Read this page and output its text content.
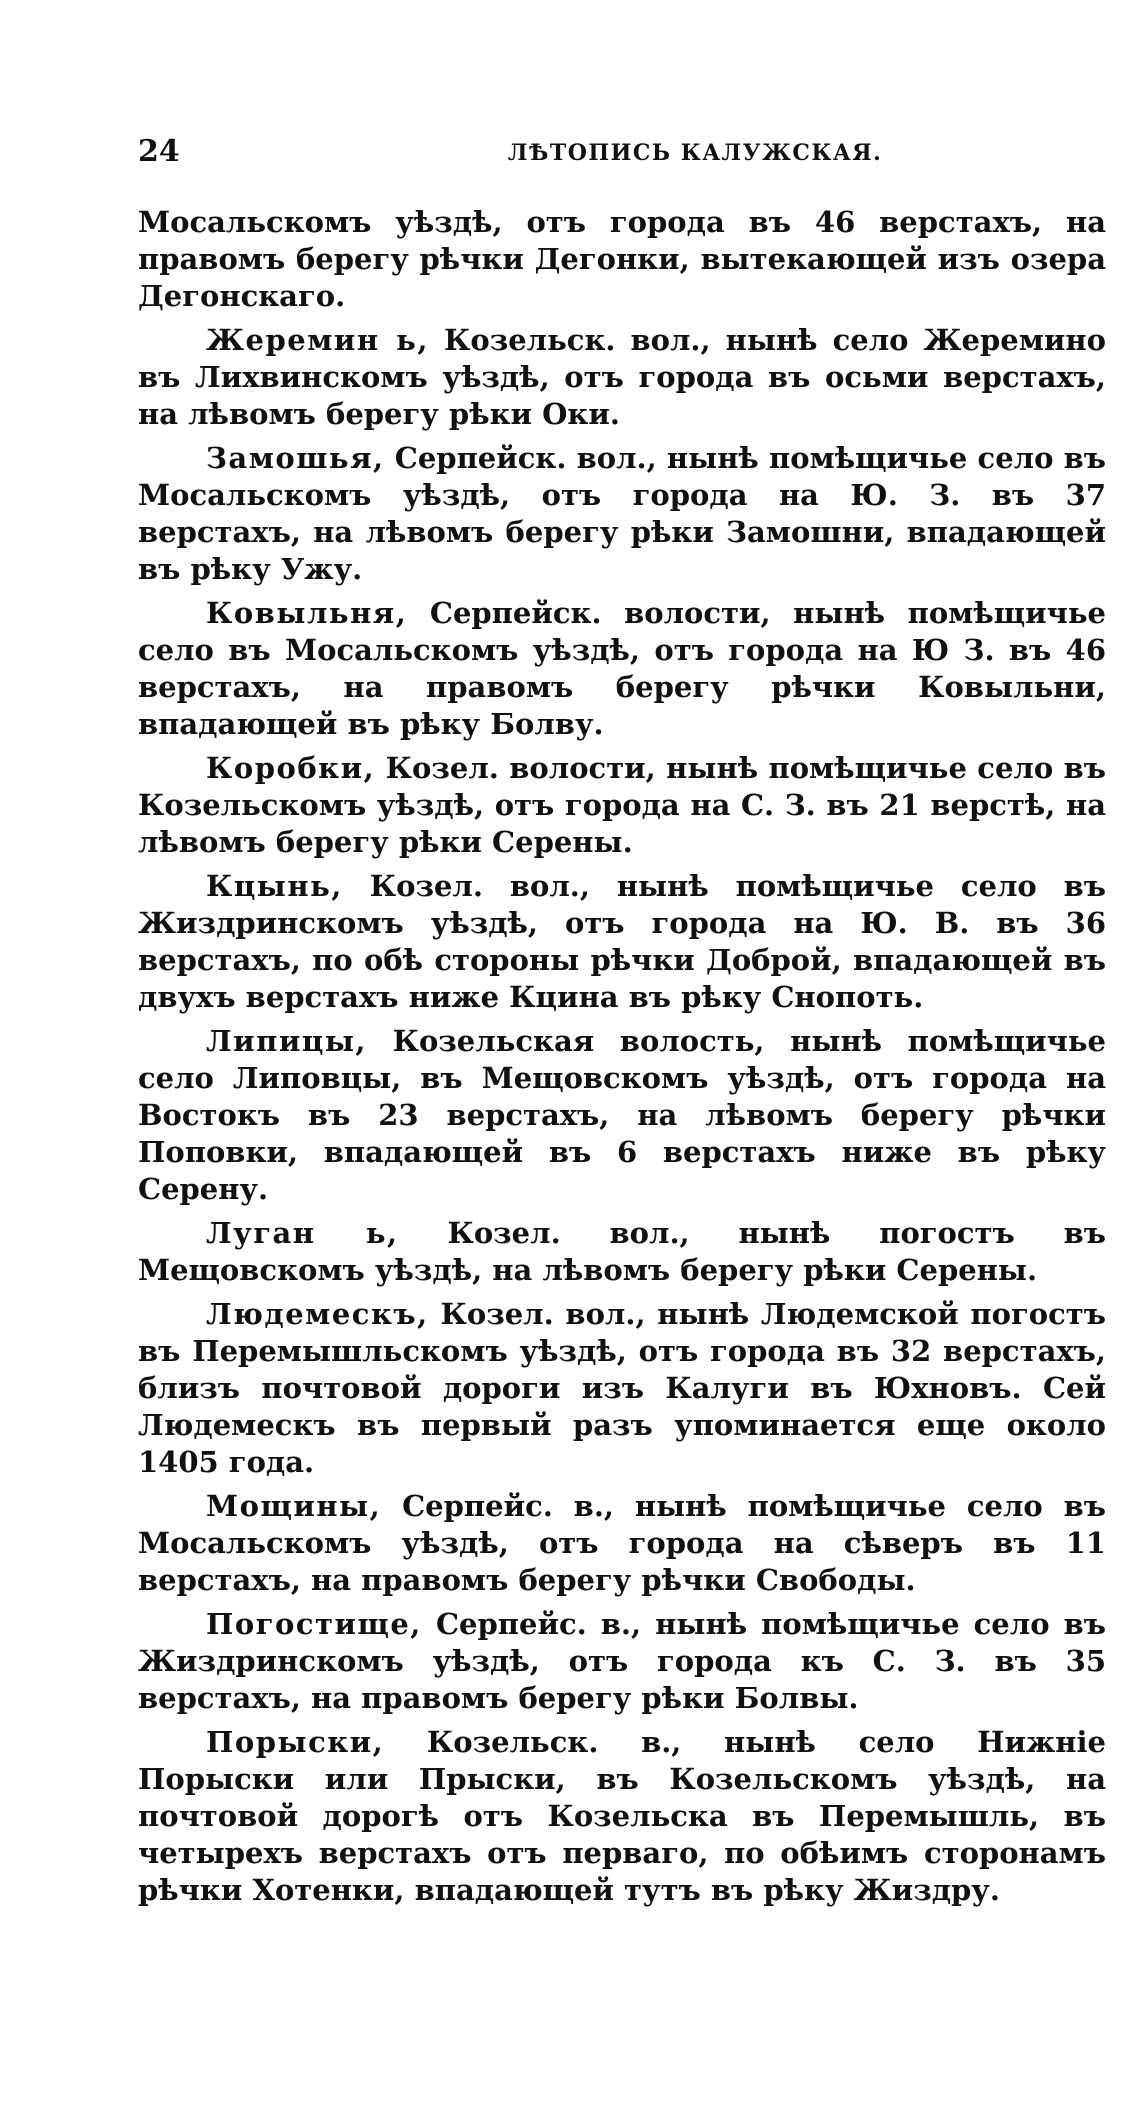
24	ЛѢТОПИСЬ КАЛУЖСКАЯ.

Мосальскомъ уѣздѣ, отъ города въ 46 верстахъ, на правомъ берегу рѣчки Дегонки, вытекающей изъ озера Дегонскаго.

Жеремин ь, Козельск. вол., нынѣ село Жеремино въ Лихвинскомъ уѣздѣ, отъ города въ осьми верстахъ, на лѣвомъ берегу рѣки Оки.

Замошья, Серпейск. вол., нынѣ помѣщичье село въ Мосальскомъ уѣздѣ, отъ города на Ю. З. въ 37 верстахъ, на лѣвомъ берегу рѣки Замошни, впадающей въ рѣку Ужу.

Ковыльня, Серпейск. волости, нынѣ помѣщичье село въ Мосальскомъ уѣздѣ, отъ города на Ю З. въ 46 верстахъ, на правомъ берегу рѣчки Ковыльни, впадающей въ рѣку Болву.

Коробки, Козел. волости, нынѣ помѣщичье село въ Козельскомъ уѣздѣ, отъ города на С. З. въ 21 верстѣ, на лѣвомъ берегу рѣки Серены.

Кцынь, Козел. вол., нынѣ помѣщичье село въ Жиздринскомъ уѣздѣ, отъ города на Ю. В. въ 36 верстахъ, по обѣ стороны рѣчки Доброй, впадающей въ двухъ верстахъ ниже Кцина въ рѣку Снопоть.

Липицы, Козельская волость, нынѣ помѣщичье село Липовцы, въ Мещовскомъ уѣздѣ, отъ города на Востокъ въ 23 верстахъ, на лѣвомъ берегу рѣчки Поповки, впадающей въ 6 верстахъ ниже въ рѣку Серену.

Луган ь, Козел. вол., нынѣ погостъ въ Мещовскомъ уѣздѣ, на лѣвомъ берегу рѣки Серены.

Людемескъ, Козел. вол., нынѣ Людемской погостъ въ Перемышльскомъ уѣздѣ, отъ города въ 32 верстахъ, близъ почтовой дороги изъ Калуги въ Юхновъ. Сей Людемескъ въ первый разъ упоминается еще около 1405 года.

Мощины, Серпейс. в., нынѣ помѣщичье село въ Мосальскомъ уѣздѣ, отъ города на сѣверъ въ 11 верстахъ, на правомъ берегу рѣчки Свободы.

Погостище, Серпейс. в., нынѣ помѣщичье село въ Жиздринскомъ уѣздѣ, отъ города къ С. З. въ 35 верстахъ, на правомъ берегу рѣки Болвы.

Порыски, Козельск. в., нынѣ село Нижніе Порыски или Прыски, въ Козельскомъ уѣздѣ, на почтовой дорогѣ отъ Козельска въ Перемышль, въ четырехъ верстахъ отъ перваго, по обѣимъ сторонамъ рѣчки Хотенки, впадающей тутъ въ рѣку Жиздру.
